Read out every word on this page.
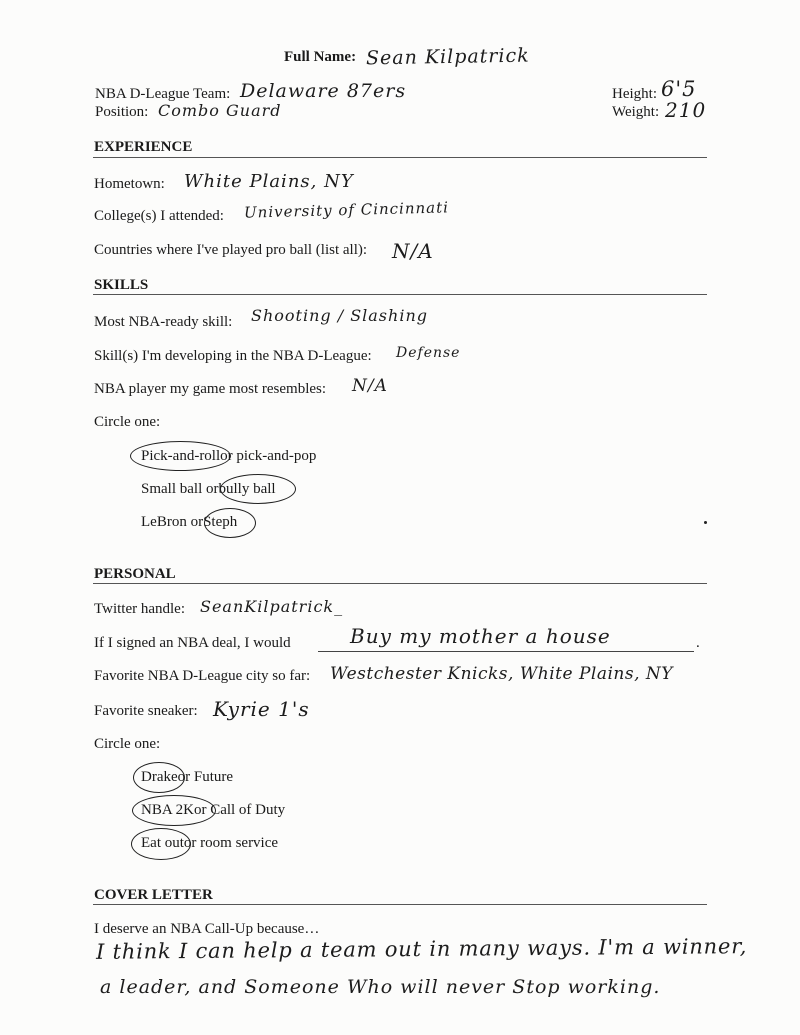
Full Name: Sean Kilpatrick
NBA D-League Team: Delaware 87ers
Position: Combo Guard
Height: 6'5
Weight: 210
EXPERIENCE
Hometown: White Plains, NY
College(s) I attended: University of Cincinnati
Countries where I've played pro ball (list all): N/A
SKILLS
Most NBA-ready skill: Shooting / Slashing
Skill(s) I'm developing in the NBA D-League: Defense
NBA player my game most resembles: N/A
Circle one:
Pick-and-rollor pick-and-pop
Small ball orbully ball
LeBron orSteph
PERSONAL
Twitter handle: SeanKilpatrick_
If I signed an NBA deal, I would	Buy my mother a house	.
Favorite NBA D-League city so far: Westchester Knicks, White Plains, NY
Favorite sneaker: Kyrie 1's
Circle one:
Drakeor Future
NBA 2Kor Call of Duty
Eat outor room service
COVER LETTER
I deserve an NBA Call-Up because…
I think I can help a team out in many ways. I'm a winner,
a leader, and Someone Who will never Stop working.
